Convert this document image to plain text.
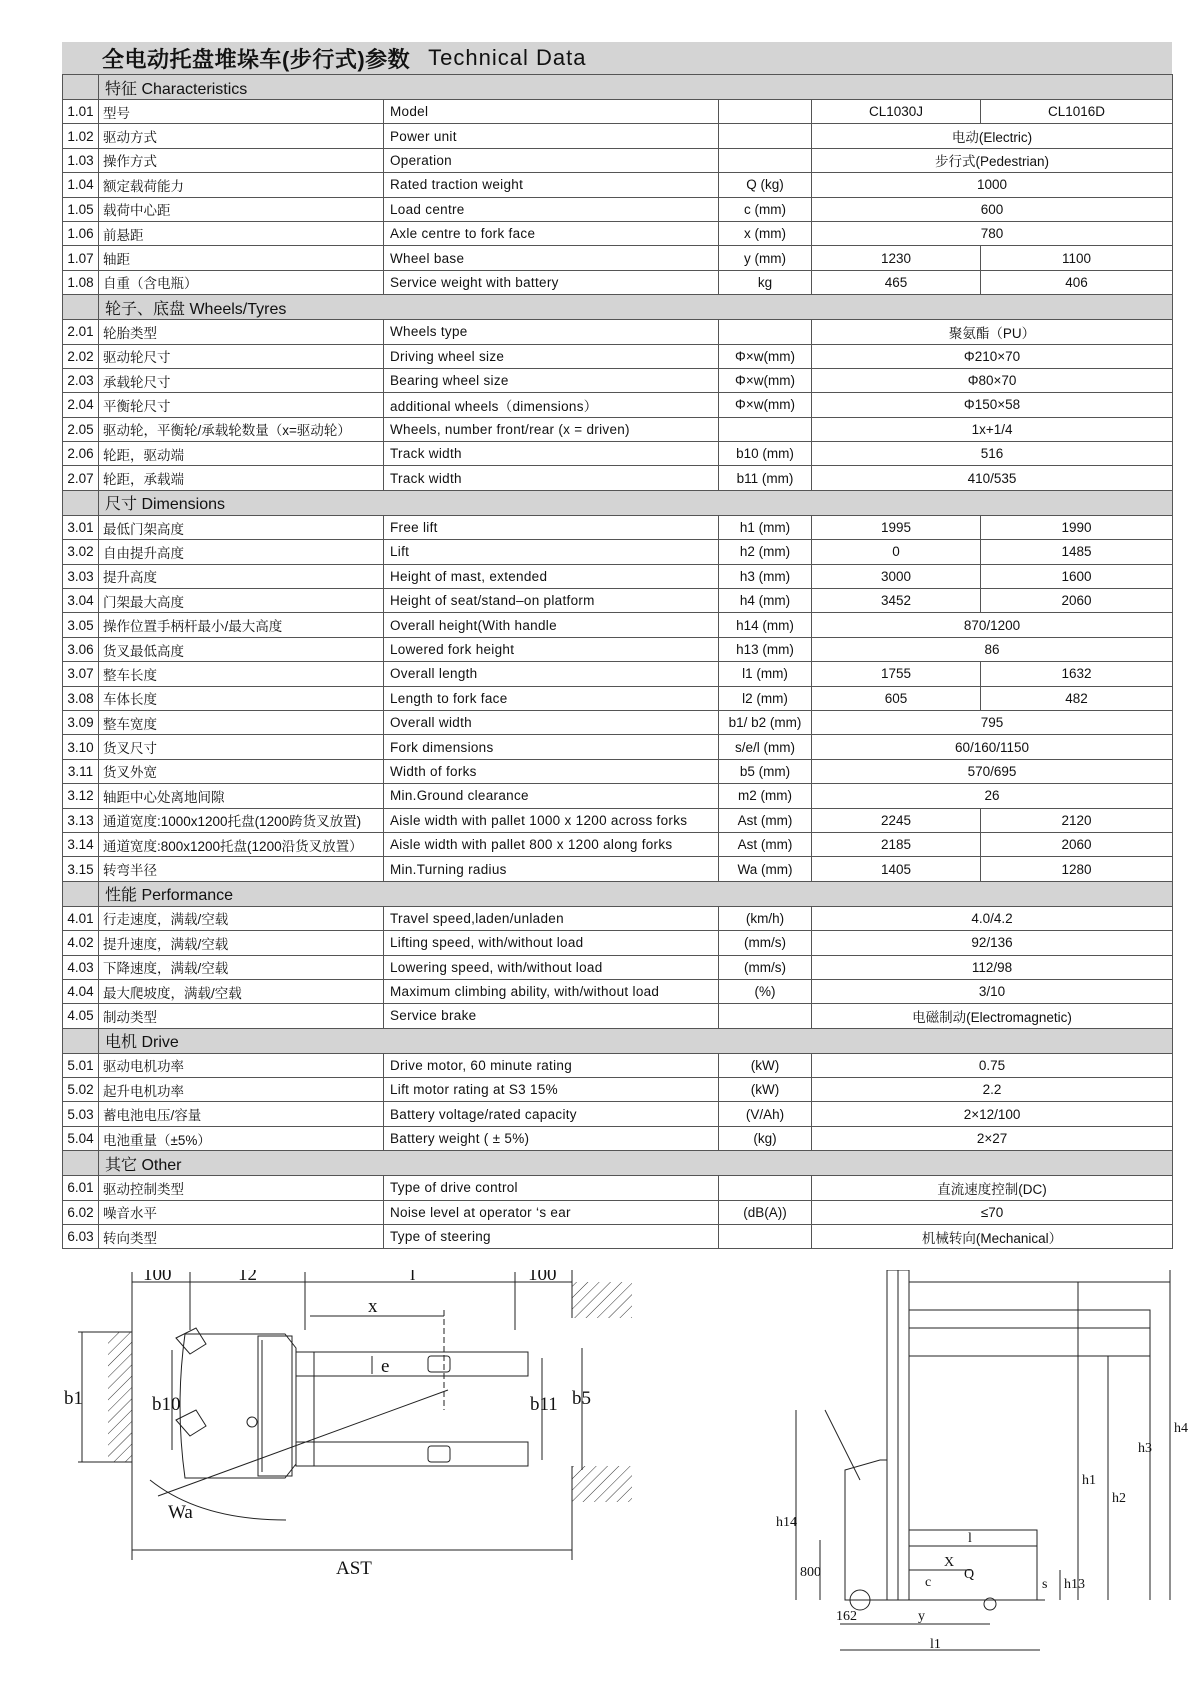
全电动托盘堆垛车(步行式)参数 Technical Data
	特征 Characteristics				
1.01	型号	Model		CL1030J	CL1016D
1.02	驱动方式	Power unit		电动(Electric)	
1.03	操作方式	Operation		步行式(Pedestrian)	
1.04	额定载荷能力	Rated traction weight	Q (kg)	1000	
1.05	载荷中心距	Load centre	c (mm)	600	
1.06	前悬距	Axle centre to fork face	x (mm)	780	
1.07	轴距	Wheel base	y (mm)	1230	1100
1.08	自重（含电瓶）	Service weight with battery	kg	465	406
	轮子、底盘 Wheels/Tyres				
2.01	轮胎类型	Wheels type		聚氨酯（PU）	
2.02	驱动轮尺寸	Driving wheel size	Φ×w(mm)	Φ210×70	
2.03	承载轮尺寸	Bearing wheel size	Φ×w(mm)	Φ80×70	
2.04	平衡轮尺寸	additional wheels（dimensions）	Φ×w(mm)	Φ150×58	
2.05	驱动轮，平衡轮/承载轮数量（x=驱动轮）	Wheels, number front/rear (x = driven)		1x+1/4	
2.06	轮距，驱动端	Track width	b10 (mm)	516	
2.07	轮距，承载端	Track width	b11 (mm)	410/535	
	尺寸 Dimensions				
3.01	最低门架高度	Free lift	h1 (mm)	1995	1990
3.02	自由提升高度	Lift	h2 (mm)	0	1485
3.03	提升高度	Height of mast, extended	h3 (mm)	3000	1600
3.04	门架最大高度	Height of seat/stand–on platform	h4 (mm)	3452	2060
3.05	操作位置手柄杆最小/最大高度	Overall height(With handle	h14 (mm)	870/1200	
3.06	货叉最低高度	Lowered fork height	h13 (mm)	86	
3.07	整车长度	Overall length	l1 (mm)	1755	1632
3.08	车体长度	Length to fork face	l2 (mm)	605	482
3.09	整车宽度	Overall width	b1/ b2 (mm)	795	
3.10	货叉尺寸	Fork dimensions	s/e/l (mm)	60/160/1150	
3.11	货叉外宽	Width of forks	b5 (mm)	570/695	
3.12	轴距中心处离地间隙	Min.Ground clearance	m2 (mm)	26	
3.13	通道宽度:1000x1200托盘(1200跨货叉放置)	Aisle width with pallet 1000 x 1200 across forks	Ast (mm)	2245	2120
3.14	通道宽度:800x1200托盘(1200沿货叉放置）	Aisle width with pallet 800 x 1200 along forks	Ast (mm)	2185	2060
3.15	转弯半径	Min.Turning radius	Wa (mm)	1405	1280
	性能 Performance				
4.01	行走速度，满载/空载	Travel speed,laden/unladen	(km/h)	4.0/4.2	
4.02	提升速度，满载/空载	Lifting speed, with/without load	(mm/s)	92/136	
4.03	下降速度，满载/空载	Lowering speed, with/without load	(mm/s)	112/98	
4.04	最大爬坡度，满载/空载	Maximum climbing ability, with/without load	(%)	3/10	
4.05	制动类型	Service brake		电磁制动(Electromagnetic)	
	电机 Drive				
5.01	驱动电机功率	Drive motor, 60 minute rating	(kW)	0.75	
5.02	起升电机功率	Lift motor rating at S3 15%	(kW)	2.2	
5.03	蓄电池电压/容量	Battery voltage/rated capacity	(V/Ah)	2×12/100	
5.04	电池重量（±5%）	Battery weight ( ± 5%)	(kg)	2×27	
	其它 Other				
6.01	驱动控制类型	Type of drive control		直流速度控制(DC)	
6.02	噪音水平	Noise level at operator ‘s ear	(dB(A))	≤70	
6.03	转向类型	Type of steering		机械转向(Mechanical）	
100	12	l	100
x
e
b1	b10	b11 b5
Wa
AST
h4
h3
h1
h2
h14
800
l
X
c
Q
s h13
162	y
l1
